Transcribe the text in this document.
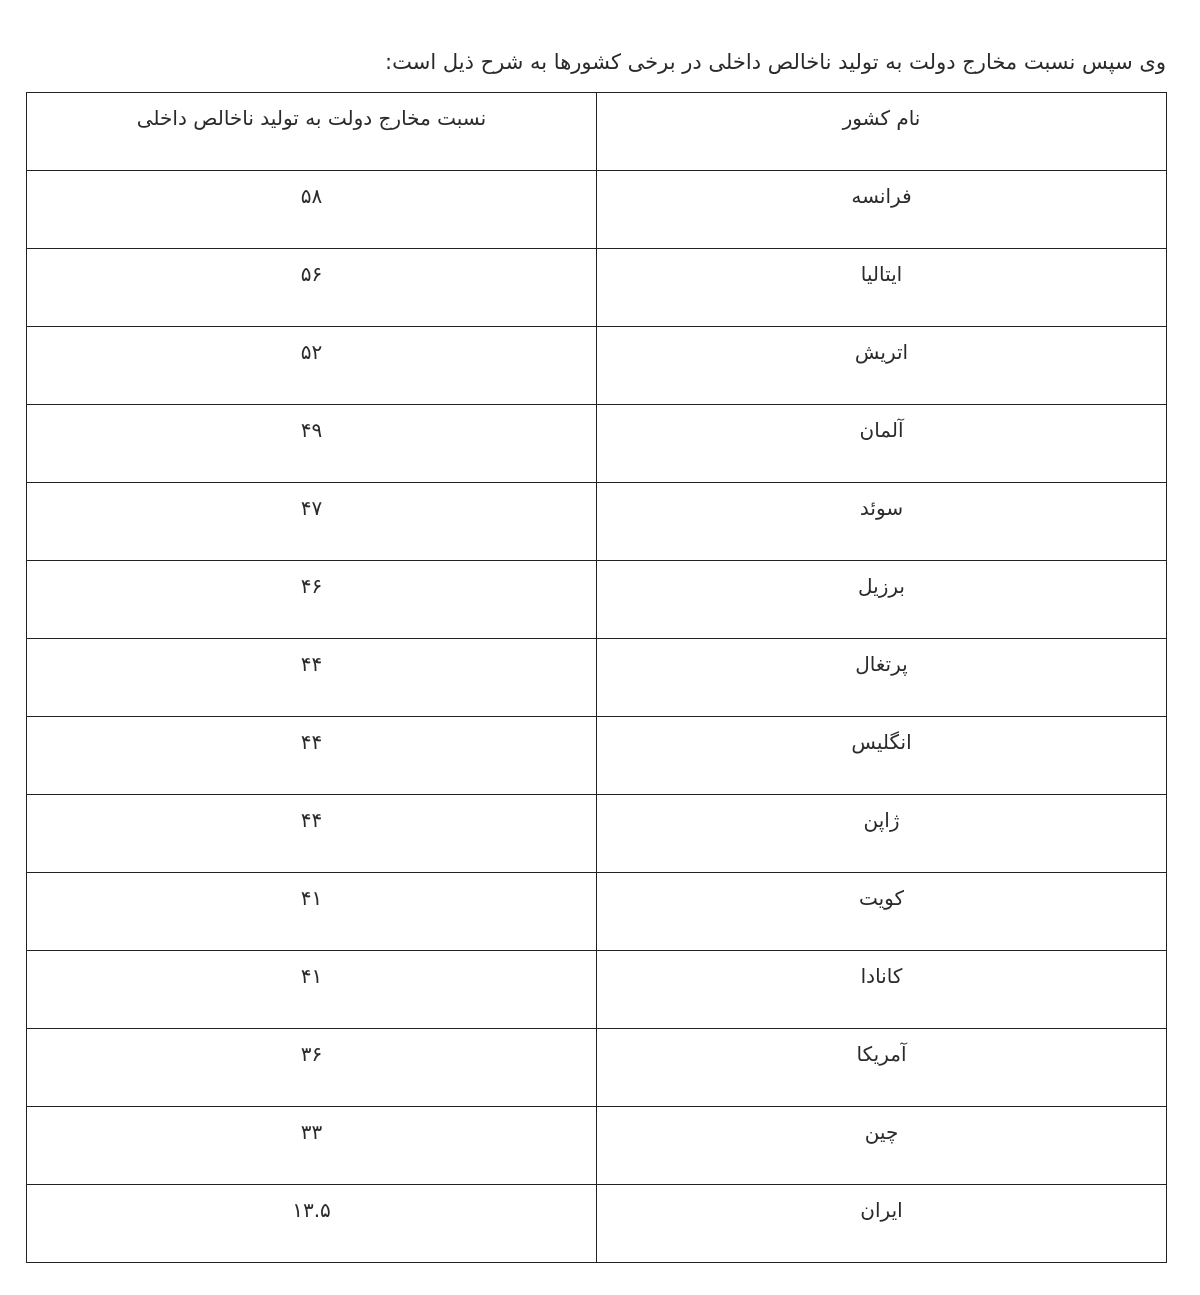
وی سپس نسبت مخارج دولت به تولید ناخالص داخلی در برخی کشورها به شرح ذیل است:

نام کشور	نسبت مخارج دولت به تولید ناخالص داخلی
فرانسه	۵۸
ایتالیا	۵۶
اتریش	۵۲
آلمان	۴۹
سوئد	۴۷
برزیل	۴۶
پرتغال	۴۴
انگلیس	۴۴
ژاپن	۴۴
کویت	۴۱
کانادا	۴۱
آمریکا	۳۶
چین	۳۳
ایران	۱۳.۵
